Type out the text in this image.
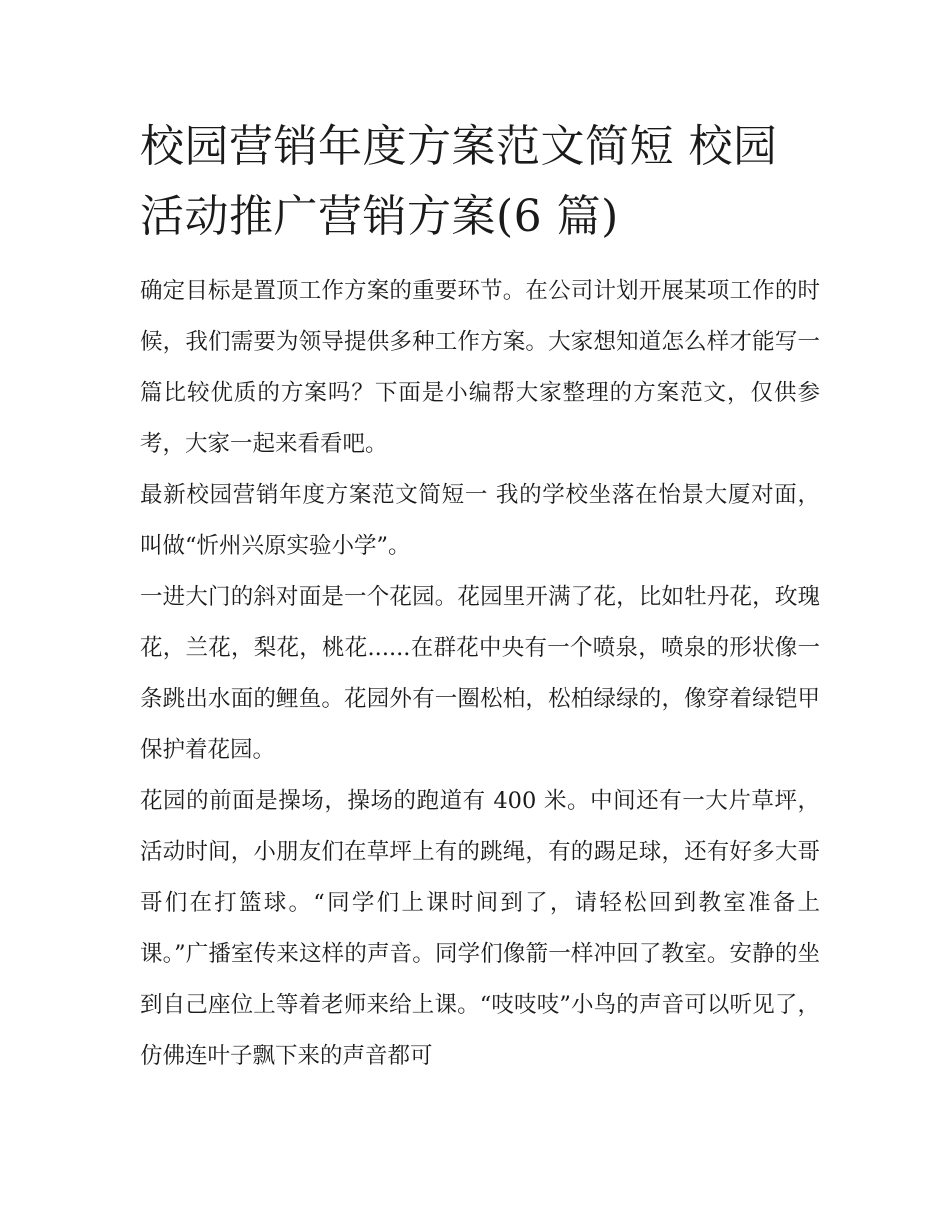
校园营销年度方案范文简短 校园活动推广营销方案(6 篇)

确定目标是置顶工作方案的重要环节。在公司计划开展某项工作的时候，我们需要为领导提供多种工作方案。大家想知道怎么样才能写一篇比较优质的方案吗？下面是小编帮大家整理的方案范文，仅供参考，大家一起来看看吧。

最新校园营销年度方案范文简短一 我的学校坐落在怡景大厦对面，叫做“忻州兴原实验小学”。

一进大门的斜对面是一个花园。花园里开满了花，比如牡丹花，玫瑰花，兰花，梨花，桃花......在群花中央有一个喷泉，喷泉的形状像一条跳出水面的鲤鱼。花园外有一圈松柏，松柏绿绿的，像穿着绿铠甲保护着花园。

花园的前面是操场，操场的跑道有 400 米。中间还有一大片草坪，活动时间，小朋友们在草坪上有的跳绳，有的踢足球，还有好多大哥哥们在打篮球。“同学们上课时间到了，请轻松回到教室准备上课。”广播室传来这样的声音。同学们像箭一样冲回了教室。安静的坐到自己座位上等着老师来给上课。“吱吱吱”小鸟的声音可以听见了，仿佛连叶子飘下来的声音都可
